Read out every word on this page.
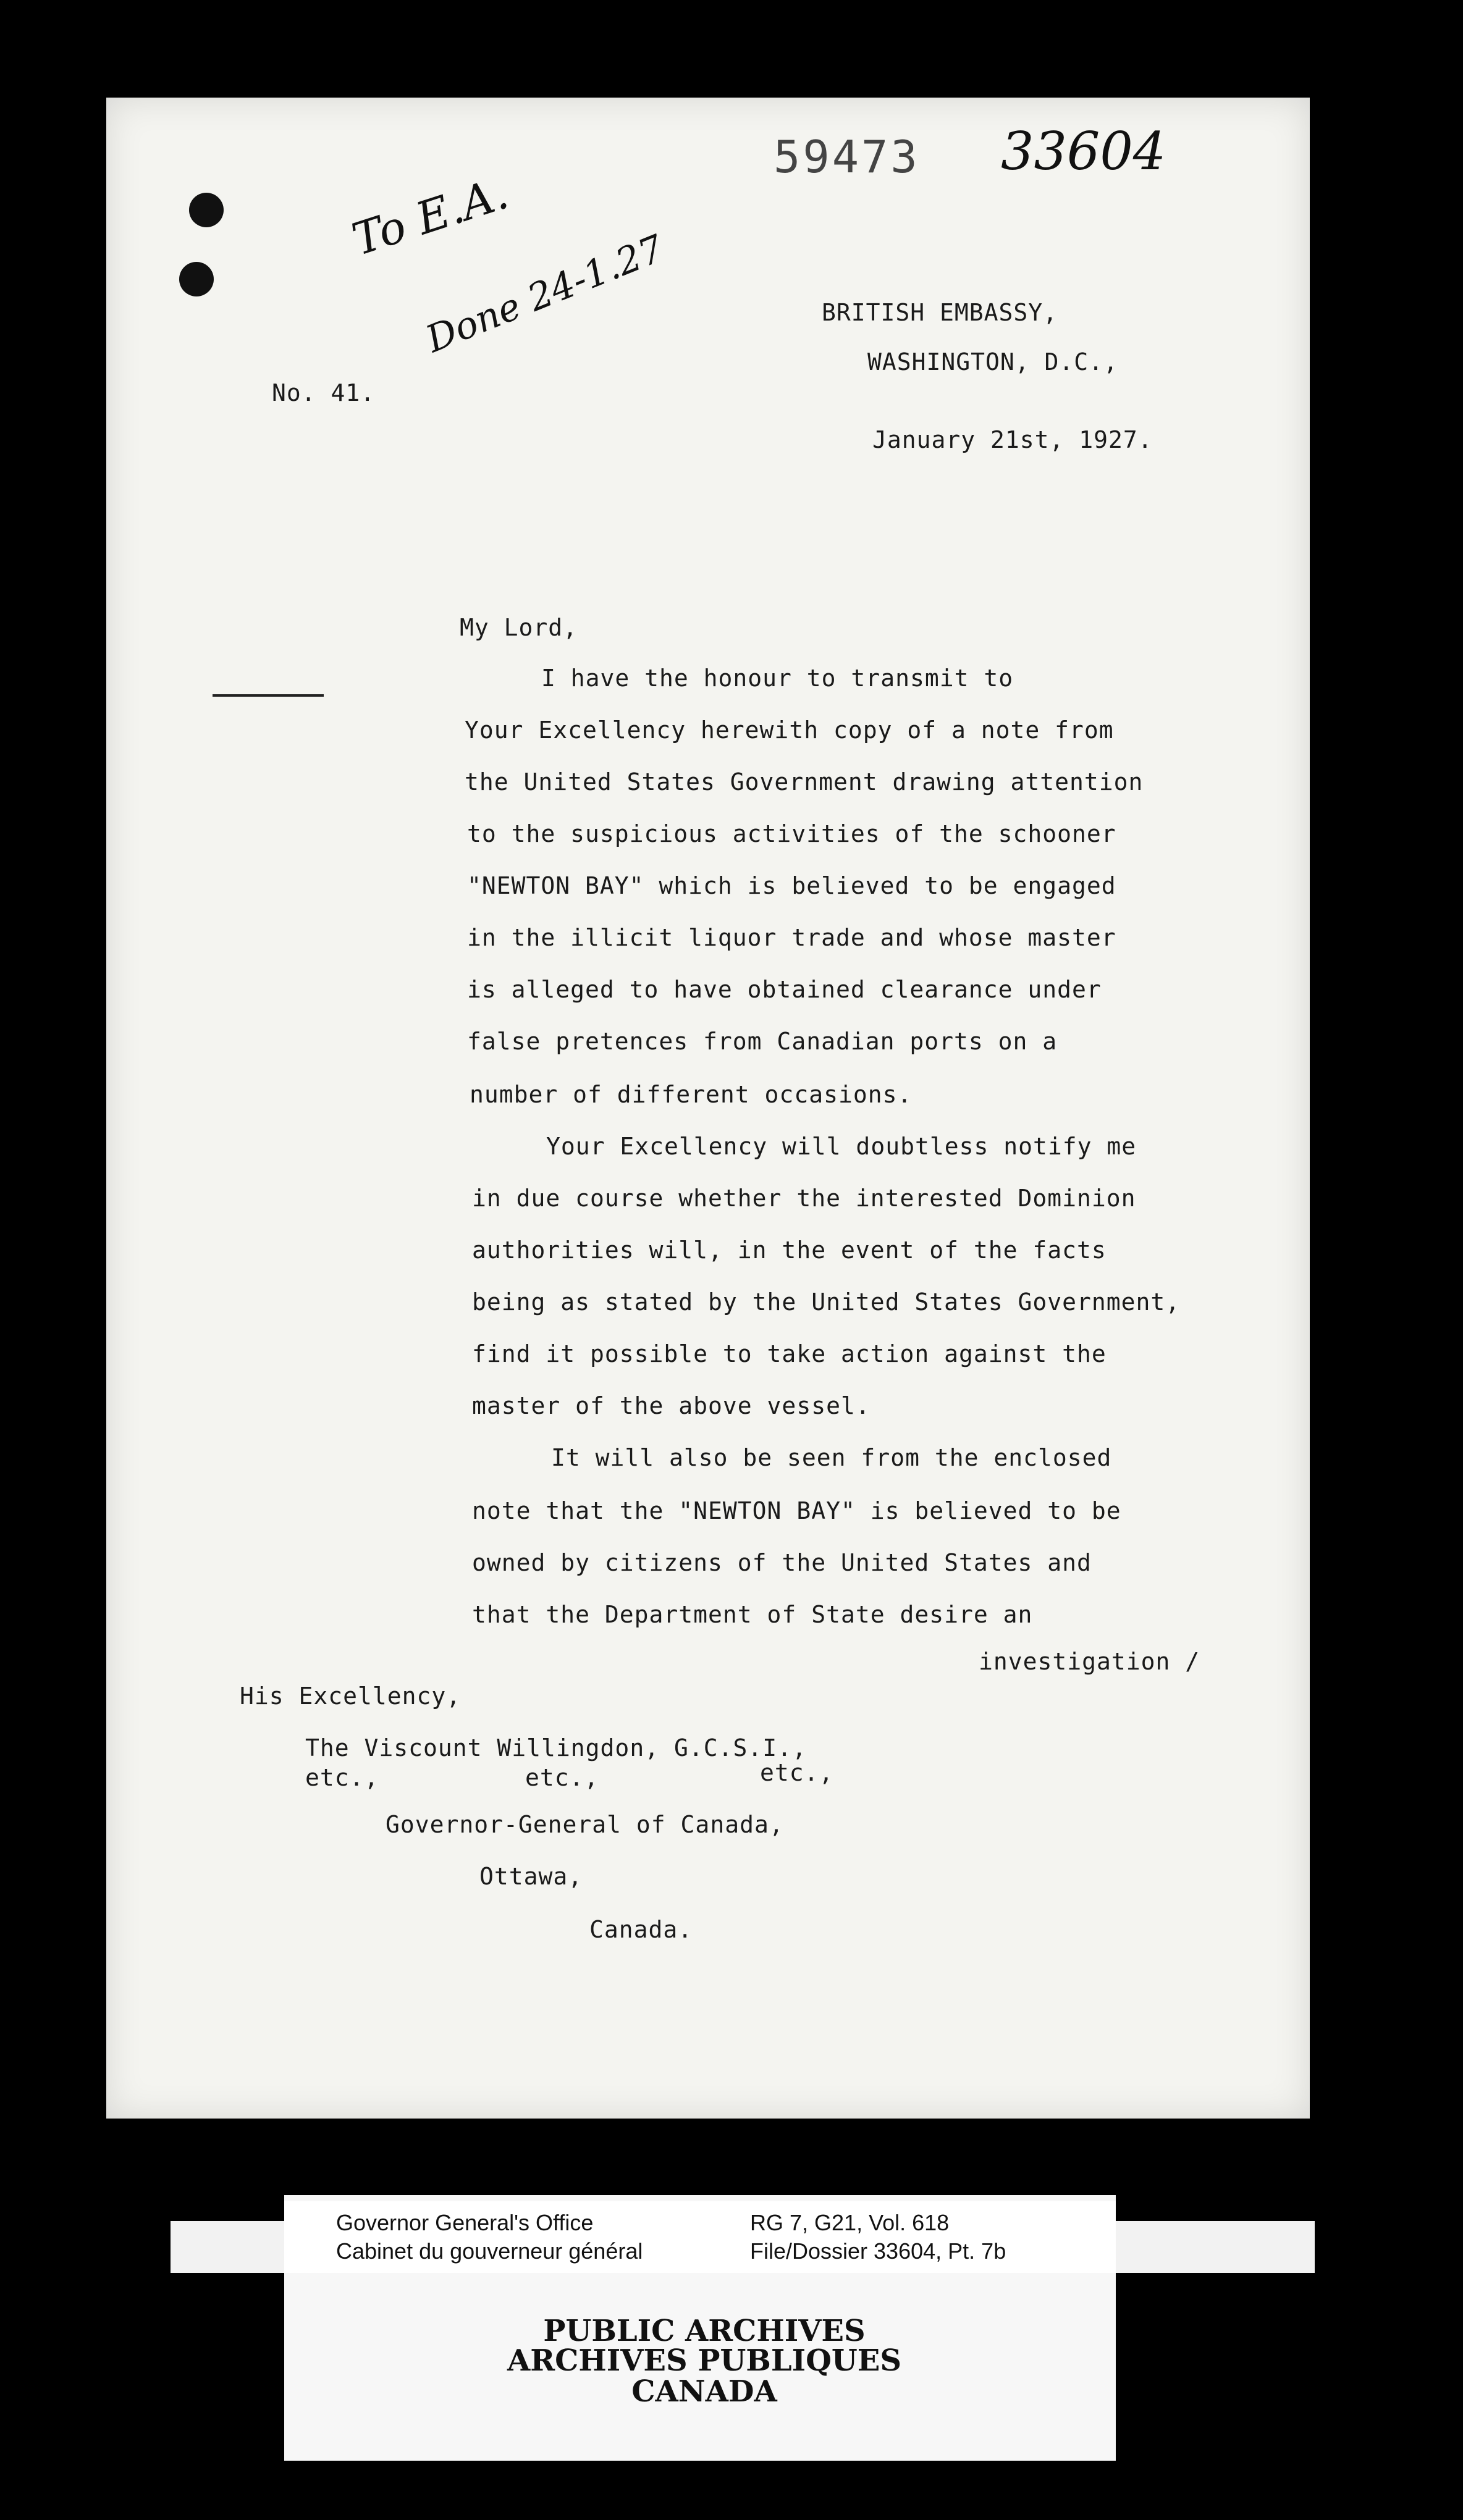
59473 33604
To E.A.
Done 24-1.27
No. 41.
BRITISH EMBASSY,
WASHINGTON, D.C.,
January 21st, 1927.
My Lord,
I have the honour to transmit to
Your Excellency herewith copy of a note from
the United States Government drawing attention
to the suspicious activities of the schooner
"NEWTON BAY" which is believed to be engaged
in the illicit liquor trade and whose master
is alleged to have obtained clearance under
false pretences from Canadian ports on a
number of different occasions.
Your Excellency will doubtless notify me
in due course whether the interested Dominion
authorities will, in the event of the facts
being as stated by the United States Government,
find it possible to take action against the
master of the above vessel.
It will also be seen from the enclosed
note that the "NEWTON BAY" is believed to be
owned by citizens of the United States and
that the Department of State desire an
investigation /
His Excellency,
The Viscount Willingdon, G.C.S.I.,
etc.,	etc.,	etc.,
Governor-General of Canada,
Ottawa,
Canada.
Governor General's Office
Cabinet du gouverneur général
RG 7, G21, Vol. 618
File/Dossier 33604, Pt. 7b
PUBLIC ARCHIVES
ARCHIVES PUBLIQUES
CANADA
